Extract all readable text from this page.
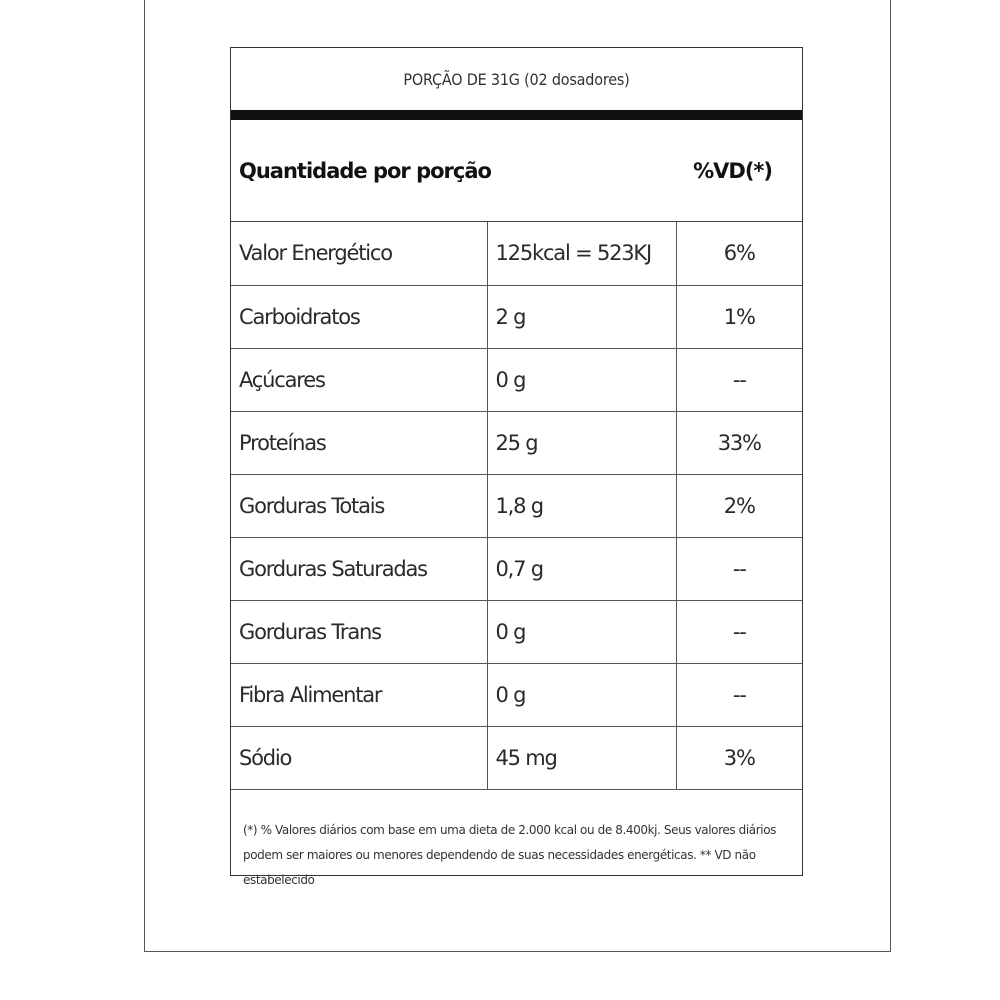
PORÇÃO DE 31G (02 dosadores)
Quantidade por porção	%VD(*)
Valor Energético	125kcal = 523KJ	6%
Carboidratos	2 g	1%
Açúcares	0 g	--
Proteínas	25 g	33%
Gorduras Totais	1,8 g	2%
Gorduras Saturadas	0,7 g	--
Gorduras Trans	0 g	--
Fibra Alimentar	0 g	--
Sódio	45 mg	3%
(*) % Valores diários com base em uma dieta de 2.000 kcal ou de 8.400kj. Seus valores diários podem ser maiores ou menores dependendo de suas necessidades energéticas. ** VD não estabelecido
